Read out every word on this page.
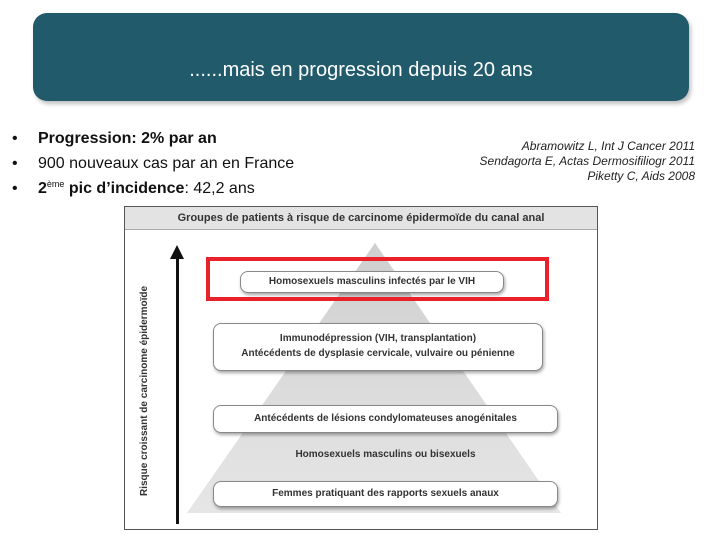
......mais en progression depuis 20 ans
• Progression: 2% par an
• 900 nouveaux cas par an en France
• 2ème pic d’incidence: 42,2 ans
Abramowitz L, Int J Cancer 2011
Sendagorta E, Actas Dermosifiliogr 2011
Piketty C, Aids 2008
Groupes de patients à risque de carcinome épidermoïde du canal anal
Risque croissant de carcinome épidermoïde
Homosexuels masculins infectés par le VIH
Immunodépression (VIH, transplantation)
Antécédents de dysplasie cervicale, vulvaire ou pénienne
Antécédents de lésions condylomateuses anogénitales
Homosexuels masculins ou bisexuels
Femmes pratiquant des rapports sexuels anaux
